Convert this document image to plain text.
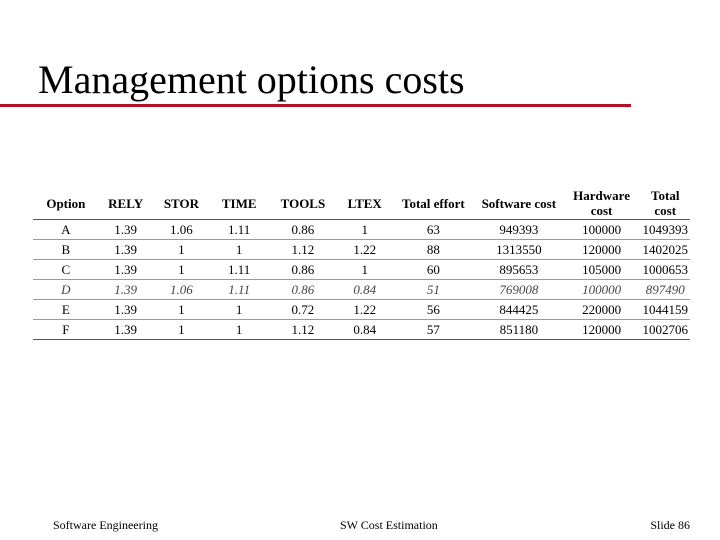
Management options costs
Option	RELY	STOR	TIME	TOOLS	LTEX	Total effort	Software cost	Hardware cost	Total cost
A	1.39	1.06	1.11	0.86	1	63	949393	100000	1049393
B	1.39	1	1	1.12	1.22	88	1313550	120000	1402025
C	1.39	1	1.11	0.86	1	60	895653	105000	1000653
D	1.39	1.06	1.11	0.86	0.84	51	769008	100000	897490
E	1.39	1	1	0.72	1.22	56	844425	220000	1044159
F	1.39	1	1	1.12	0.84	57	851180	120000	1002706
Software Engineering	SW Cost Estimation	Slide 86
